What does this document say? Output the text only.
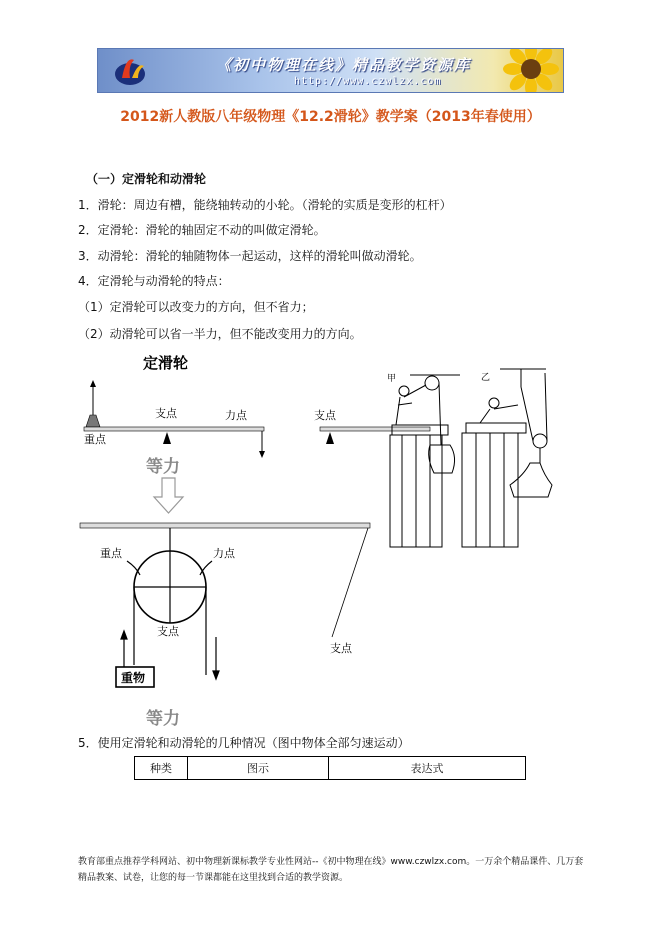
《初中物理在线》精品教学资源库
http://www.czwlzx.com
2012新人教版八年级物理《12.2滑轮》教学案（2013年春使用）
（一）定滑轮和动滑轮
1．滑轮：周边有槽，能绕轴转动的小轮。（滑轮的实质是变形的杠杆）
2．定滑轮：滑轮的轴固定不动的叫做定滑轮。
3．动滑轮：滑轮的轴随物体一起运动，这样的滑轮叫做动滑轮。
4．定滑轮与动滑轮的特点：
（1）定滑轮可以改变力的方向，但不省力；
（2）动滑轮可以省一半力，但不能改变用力的方向。
定滑轮
重点
支点	力点	支点
甲	乙
等力
支点
重点	力点
支点
重物
等力
5．使用定滑轮和动滑轮的几种情况（图中物体全部匀速运动）
种类	图示	表达式
教育部重点推荐学科网站、初中物理新课标教学专业性网站--《初中物理在线》www.czwlzx.com。一万余个精品课件、几万套精品教案、试卷，让您的每一节课都能在这里找到合适的教学资源。
